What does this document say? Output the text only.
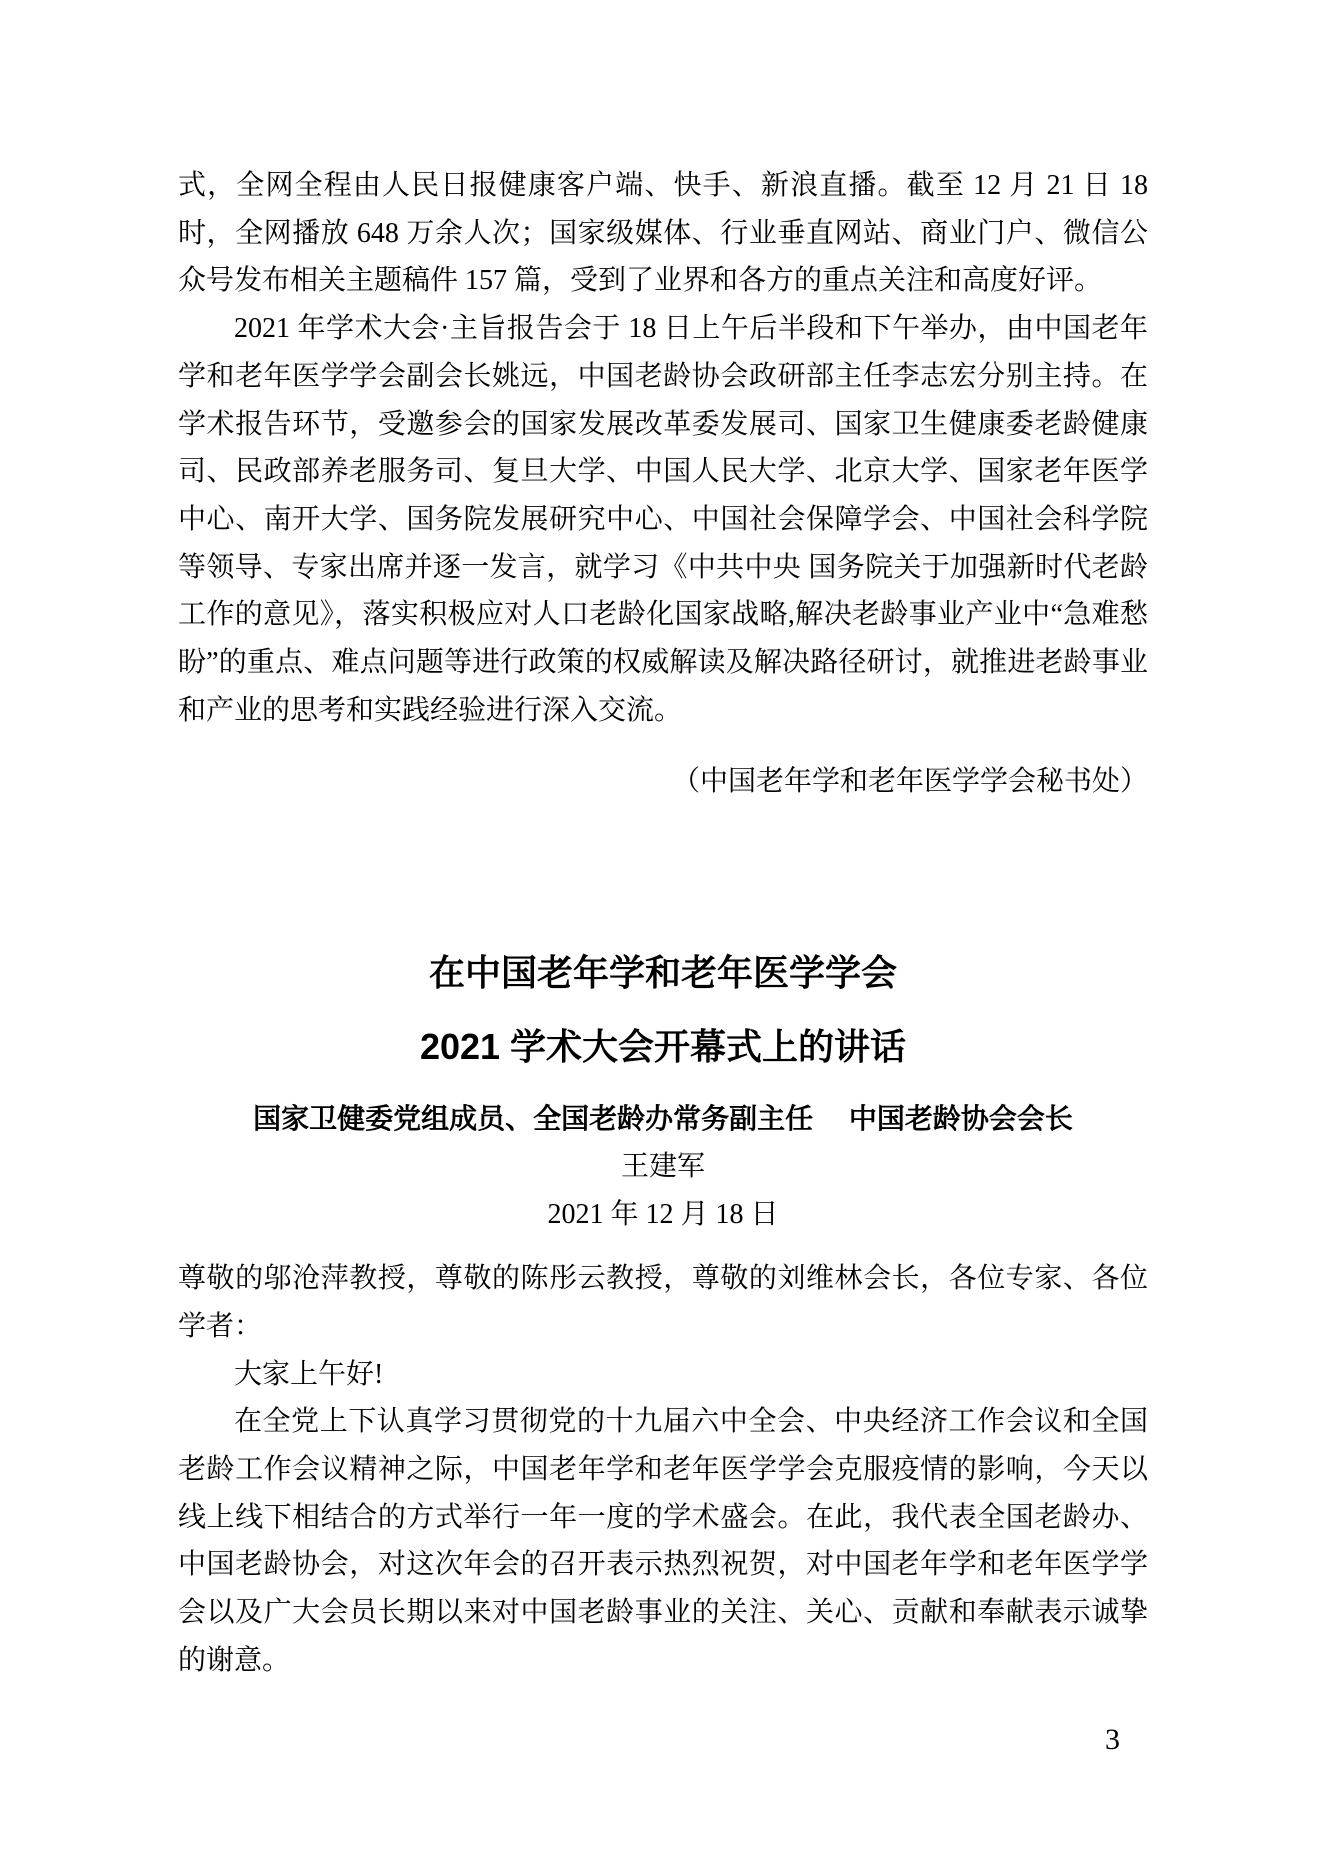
式，全网全程由人民日报健康客户端、快手、新浪直播。截至 12 月 21 日 18 时，全网播放 648 万余人次；国家级媒体、行业垂直网站、商业门户、微信公众号发布相关主题稿件 157 篇，受到了业界和各方的重点关注和高度好评。

2021 年学术大会·主旨报告会于 18 日上午后半段和下午举办，由中国老年学和老年医学学会副会长姚远，中国老龄协会政研部主任李志宏分别主持。在学术报告环节，受邀参会的国家发展改革委发展司、国家卫生健康委老龄健康司、民政部养老服务司、复旦大学、中国人民大学、北京大学、国家老年医学中心、南开大学、国务院发展研究中心、中国社会保障学会、中国社会科学院等领导、专家出席并逐一发言，就学习《中共中央 国务院关于加强新时代老龄工作的意见》，落实积极应对人口老龄化国家战略,解决老龄事业产业中“急难愁盼”的重点、难点问题等进行政策的权威解读及解决路径研讨，就推进老龄事业和产业的思考和实践经验进行深入交流。

（中国老年学和老年医学学会秘书处）

在中国老年学和老年医学学会
2021 学术大会开幕式上的讲话

国家卫健委党组成员、全国老龄办常务副主任　 中国老龄协会会长

王建军

2021 年 12 月 18 日

尊敬的邬沧萍教授，尊敬的陈彤云教授，尊敬的刘维林会长，各位专家、各位学者：

大家上午好!

在全党上下认真学习贯彻党的十九届六中全会、中央经济工作会议和全国老龄工作会议精神之际，中国老年学和老年医学学会克服疫情的影响，今天以线上线下相结合的方式举行一年一度的学术盛会。在此，我代表全国老龄办、中国老龄协会，对这次年会的召开表示热烈祝贺，对中国老年学和老年医学学会以及广大会员长期以来对中国老龄事业的关注、关心、贡献和奉献表示诚挚的谢意。

3
